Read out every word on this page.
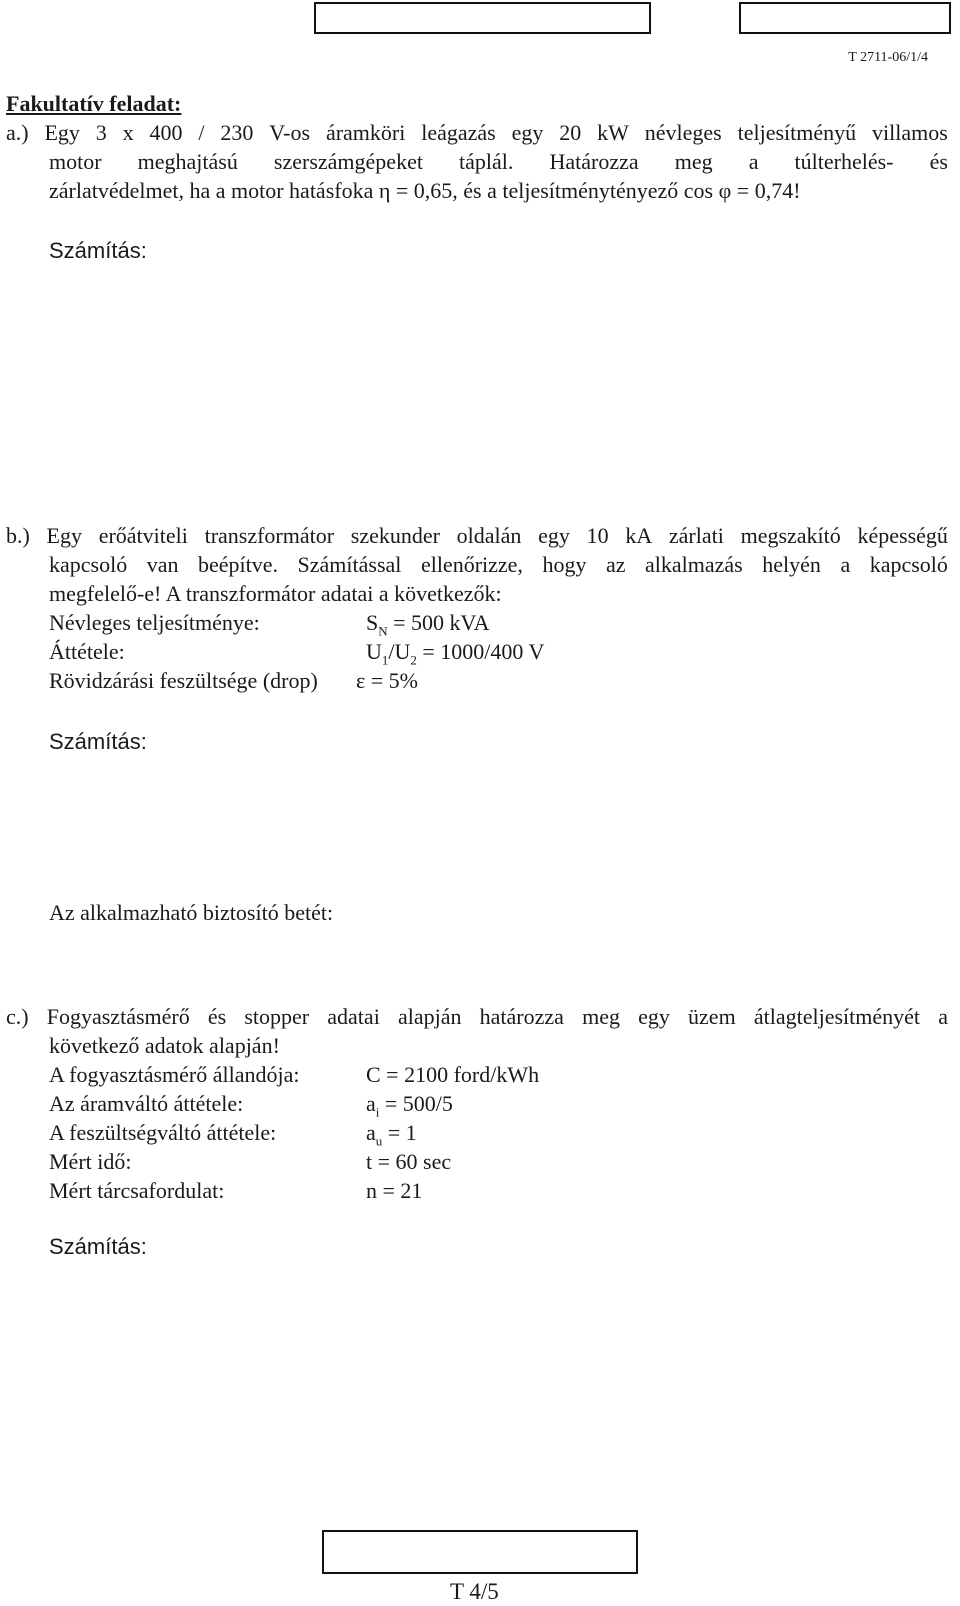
T 2711-06/1/4
Fakultatív feladat:
a.) Egy 3 x 400 / 230 V-os áramköri leágazás egy 20 kW névleges teljesítményű villamos
motor meghajtású szerszámgépeket táplál. Határozza meg a túlterhelés- és
zárlatvédelmet, ha a motor hatásfoka η = 0,65, és a teljesítménytényező cos φ = 0,74!
Számítás:
b.) Egy erőátviteli transzformátor szekunder oldalán egy 10 kA zárlati megszakító képességű
kapcsoló van beépítve. Számítással ellenőrizze, hogy az alkalmazás helyén a kapcsoló
megfelelő-e! A transzformátor adatai a következők:
Névleges teljesítménye:	$S_N = 500$ kVA
Áttétele:	$U_1/U_2 = 1000/400$ V
Rövidzárási feszültsége (drop) ε = 5%
Számítás:
Az alkalmazható biztosító betét:
c.) Fogyasztásmérő és stopper adatai alapján határozza meg egy üzem átlagteljesítményét a
következő adatok alapján!
A fogyasztásmérő állandója:	C = 2100 ford/kWh
Az áramváltó áttétele:	$a_i = 500/5$
A feszültségváltó áttétele:	$a_u = 1$
Mért idő:	t = 60 sec
Mért tárcsafordulat:	n = 21
Számítás:
T 4/5
